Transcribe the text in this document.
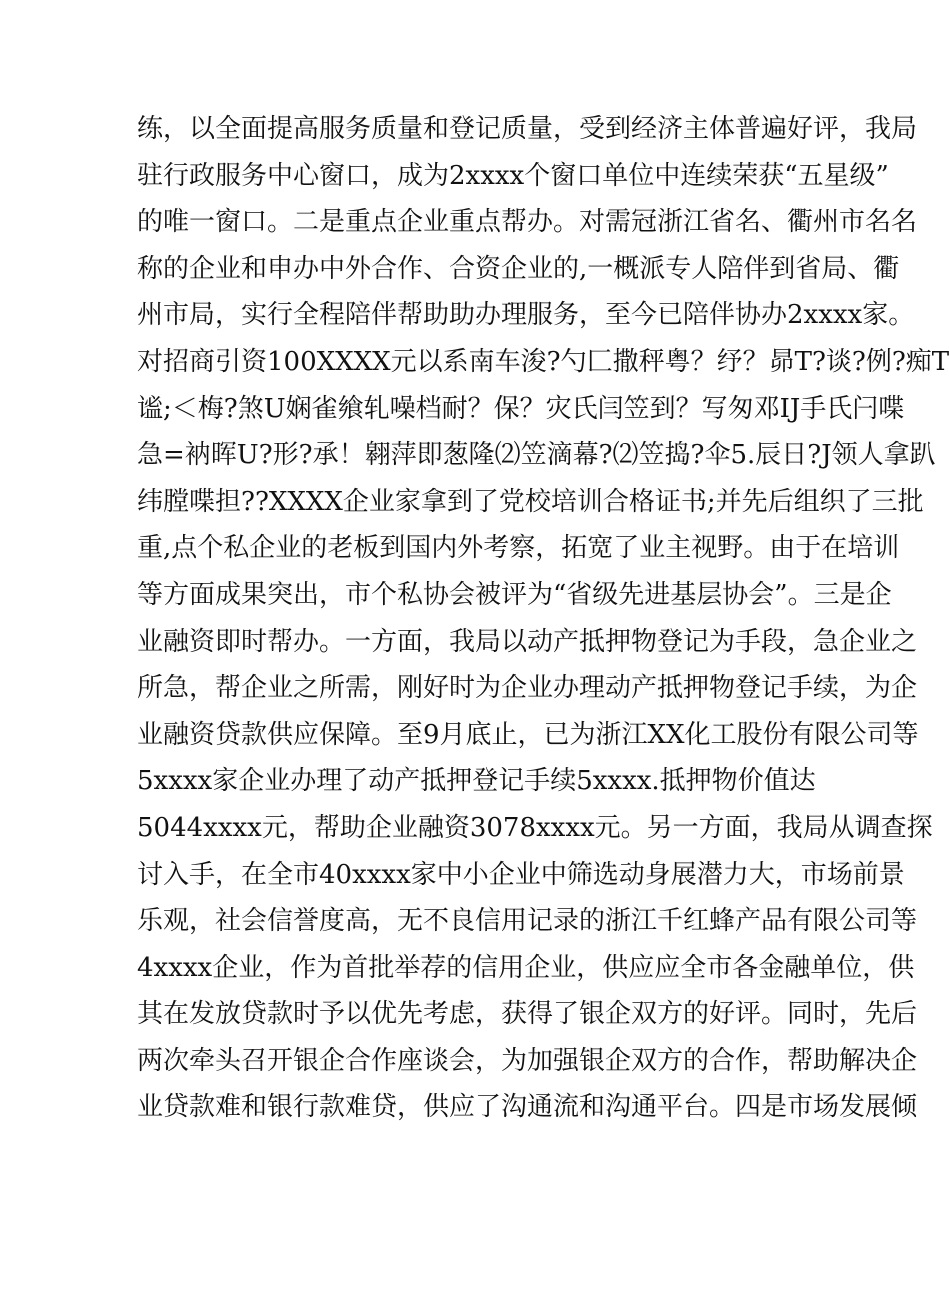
练，以全面提高服务质量和登记质量，受到经济主体普遍好评，我局
驻行政服务中心窗口，成为2xxxx个窗口单位中连续荣获“五星级”
的唯一窗口。二是重点企业重点帮办。对需冠浙江省名、衢州市名名
称的企业和申办中外合作、合资企业的,一概派专人陪伴到省局、衢
州市局，实行全程陪伴帮助助办理服务，至今已陪伴协办2xxxx家。
对招商引资100XXXX元以系南车浚?勺匚撒秤粤？纾？昴T?谈?例?痴T
谧;＜梅?煞U娴雀飨轧噪档耐？保？灾氏闫笠到？写匆邓IJ手氏闩喋
急=衲晖U?形?承！翱萍即葱隆⑵笠滴幕?⑵笠捣?伞5.辰日?J领人拿趴
纬膛喋担??XXXX企业家拿到了党校培训合格证书;并先后组织了三批
重,点个私企业的老板到国内外考察，拓宽了业主视野。由于在培训
等方面成果突出，市个私协会被评为“省级先进基层协会”。三是企
业融资即时帮办。一方面，我局以动产抵押物登记为手段，急企业之
所急，帮企业之所需，刚好时为企业办理动产抵押物登记手续，为企
业融资贷款供应保障。至9月底止，已为浙江XX化工股份有限公司等
5xxxx家企业办理了动产抵押登记手续5xxxx.抵押物价值达
5044xxxx元，帮助企业融资3078xxxx元。另一方面，我局从调查探
讨入手，在全市40xxxx家中小企业中筛选动身展潜力大，市场前景
乐观，社会信誉度高，无不良信用记录的浙江千红蜂产品有限公司等
4xxxx企业，作为首批举荐的信用企业，供应应全市各金融单位，供
其在发放贷款时予以优先考虑，获得了银企双方的好评。同时，先后
两次牵头召开银企合作座谈会，为加强银企双方的合作，帮助解决企
业贷款难和银行款难贷，供应了沟通流和沟通平台。四是市场发展倾
